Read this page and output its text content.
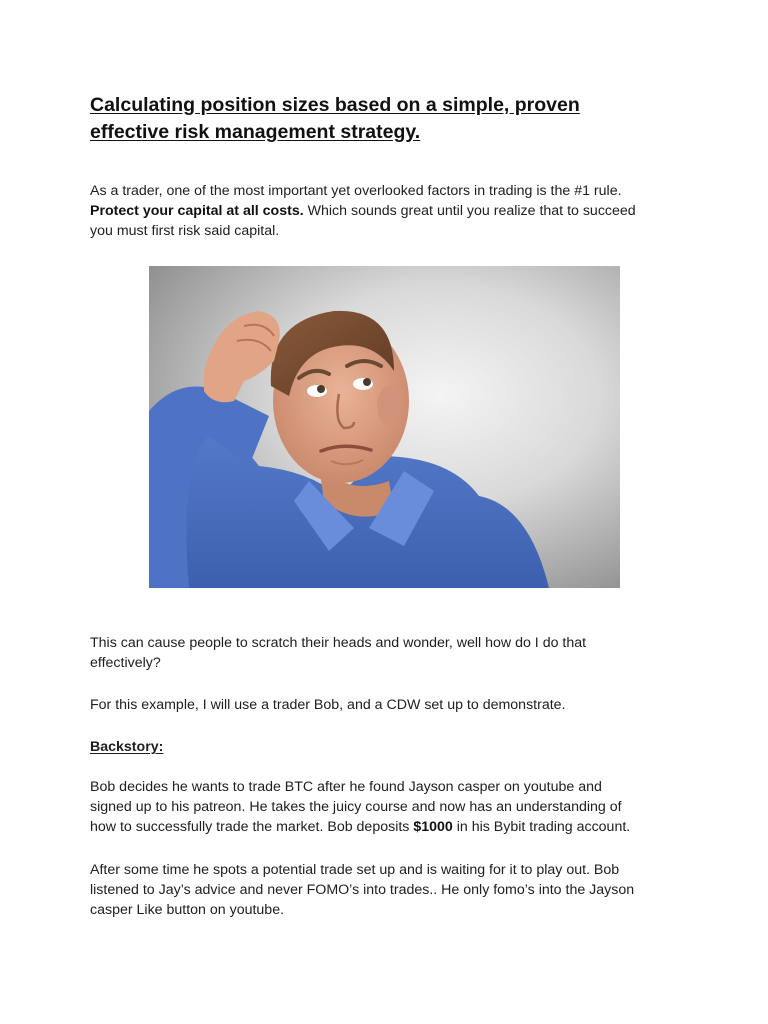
Calculating position sizes based on a simple, proven
effective risk management strategy.

As a trader, one of the most important yet overlooked factors in trading is the #1 rule.
Protect your capital at all costs. Which sounds great until you realize that to succeed
you must first risk said capital.

This can cause people to scratch their heads and wonder, well how do I do that
effectively?

For this example, I will use a trader Bob, and a CDW set up to demonstrate.

Backstory:

Bob decides he wants to trade BTC after he found Jayson casper on youtube and
signed up to his patreon. He takes the juicy course and now has an understanding of
how to successfully trade the market. Bob deposits $1000 in his Bybit trading account.

After some time he spots a potential trade set up and is waiting for it to play out. Bob
listened to Jay’s advice and never FOMO’s into trades.. He only fomo’s into the Jayson
casper Like button on youtube.
